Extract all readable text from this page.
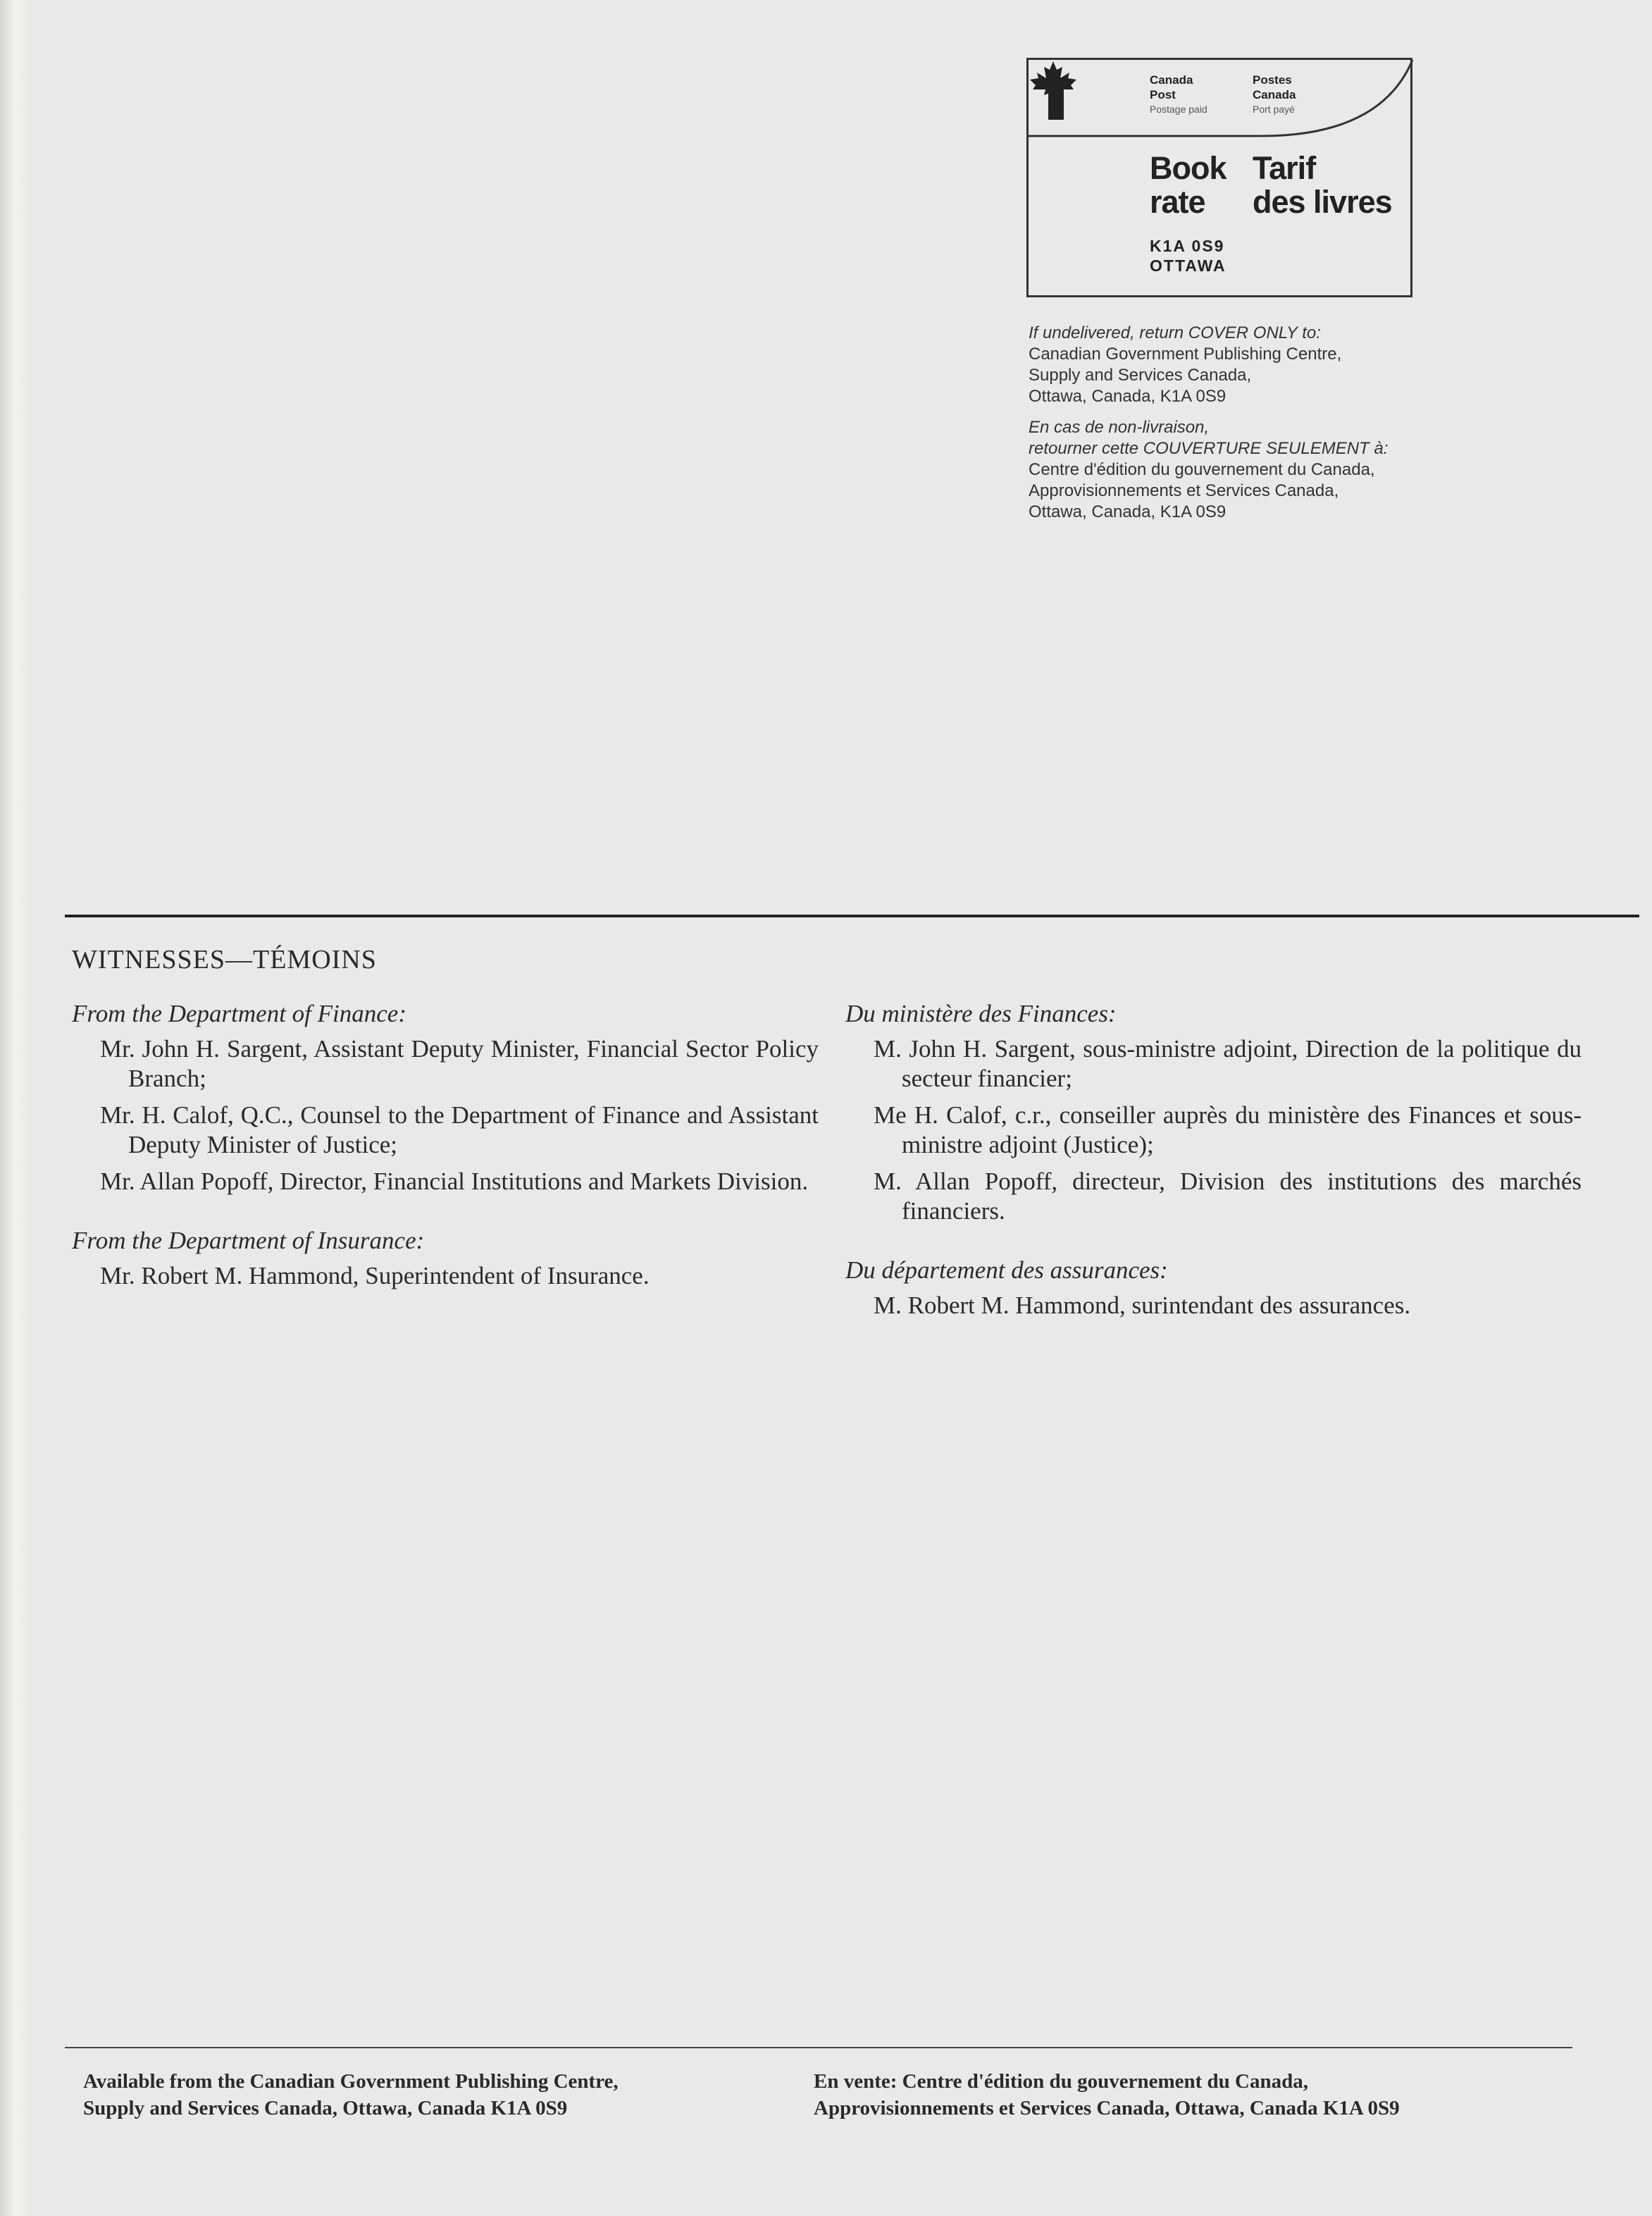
Canada
Post
Postage paid
Postes
Canada
Port payé
Book
rate
Tarif
des livres
K1A 0S9
OTTAWA

If undelivered, return COVER ONLY to:

Canadian Government Publishing Centre,

Supply and Services Canada,

Ottawa, Canada, K1A 0S9

En cas de non-livraison,

retourner cette COUVERTURE SEULEMENT à:

Centre d'édition du gouvernement du Canada,

Approvisionnements et Services Canada,

Ottawa, Canada, K1A 0S9

WITNESSES—TÉMOINS

From the Department of Finance:

Mr. John H. Sargent, Assistant Deputy Minister, Financial Sector Policy Branch;

Mr. H. Calof, Q.C., Counsel to the Department of Finance and Assistant Deputy Minister of Justice;

Mr. Allan Popoff, Director, Financial Institutions and Markets Division.

From the Department of Insurance:

Mr. Robert M. Hammond, Superintendent of Insurance.

Du ministère des Finances:

M. John H. Sargent, sous-ministre adjoint, Direction de la politique du secteur financier;

Me H. Calof, c.r., conseiller auprès du ministère des Finances et sous-ministre adjoint (Justice);

M. Allan Popoff, directeur, Division des institutions des marchés financiers.

Du département des assurances:

M. Robert M. Hammond, surintendant des assurances.

Available from the Canadian Government Publishing Centre,
Supply and Services Canada, Ottawa, Canada K1A 0S9
En vente: Centre d'édition du gouvernement du Canada,
Approvisionnements et Services Canada, Ottawa, Canada K1A 0S9
